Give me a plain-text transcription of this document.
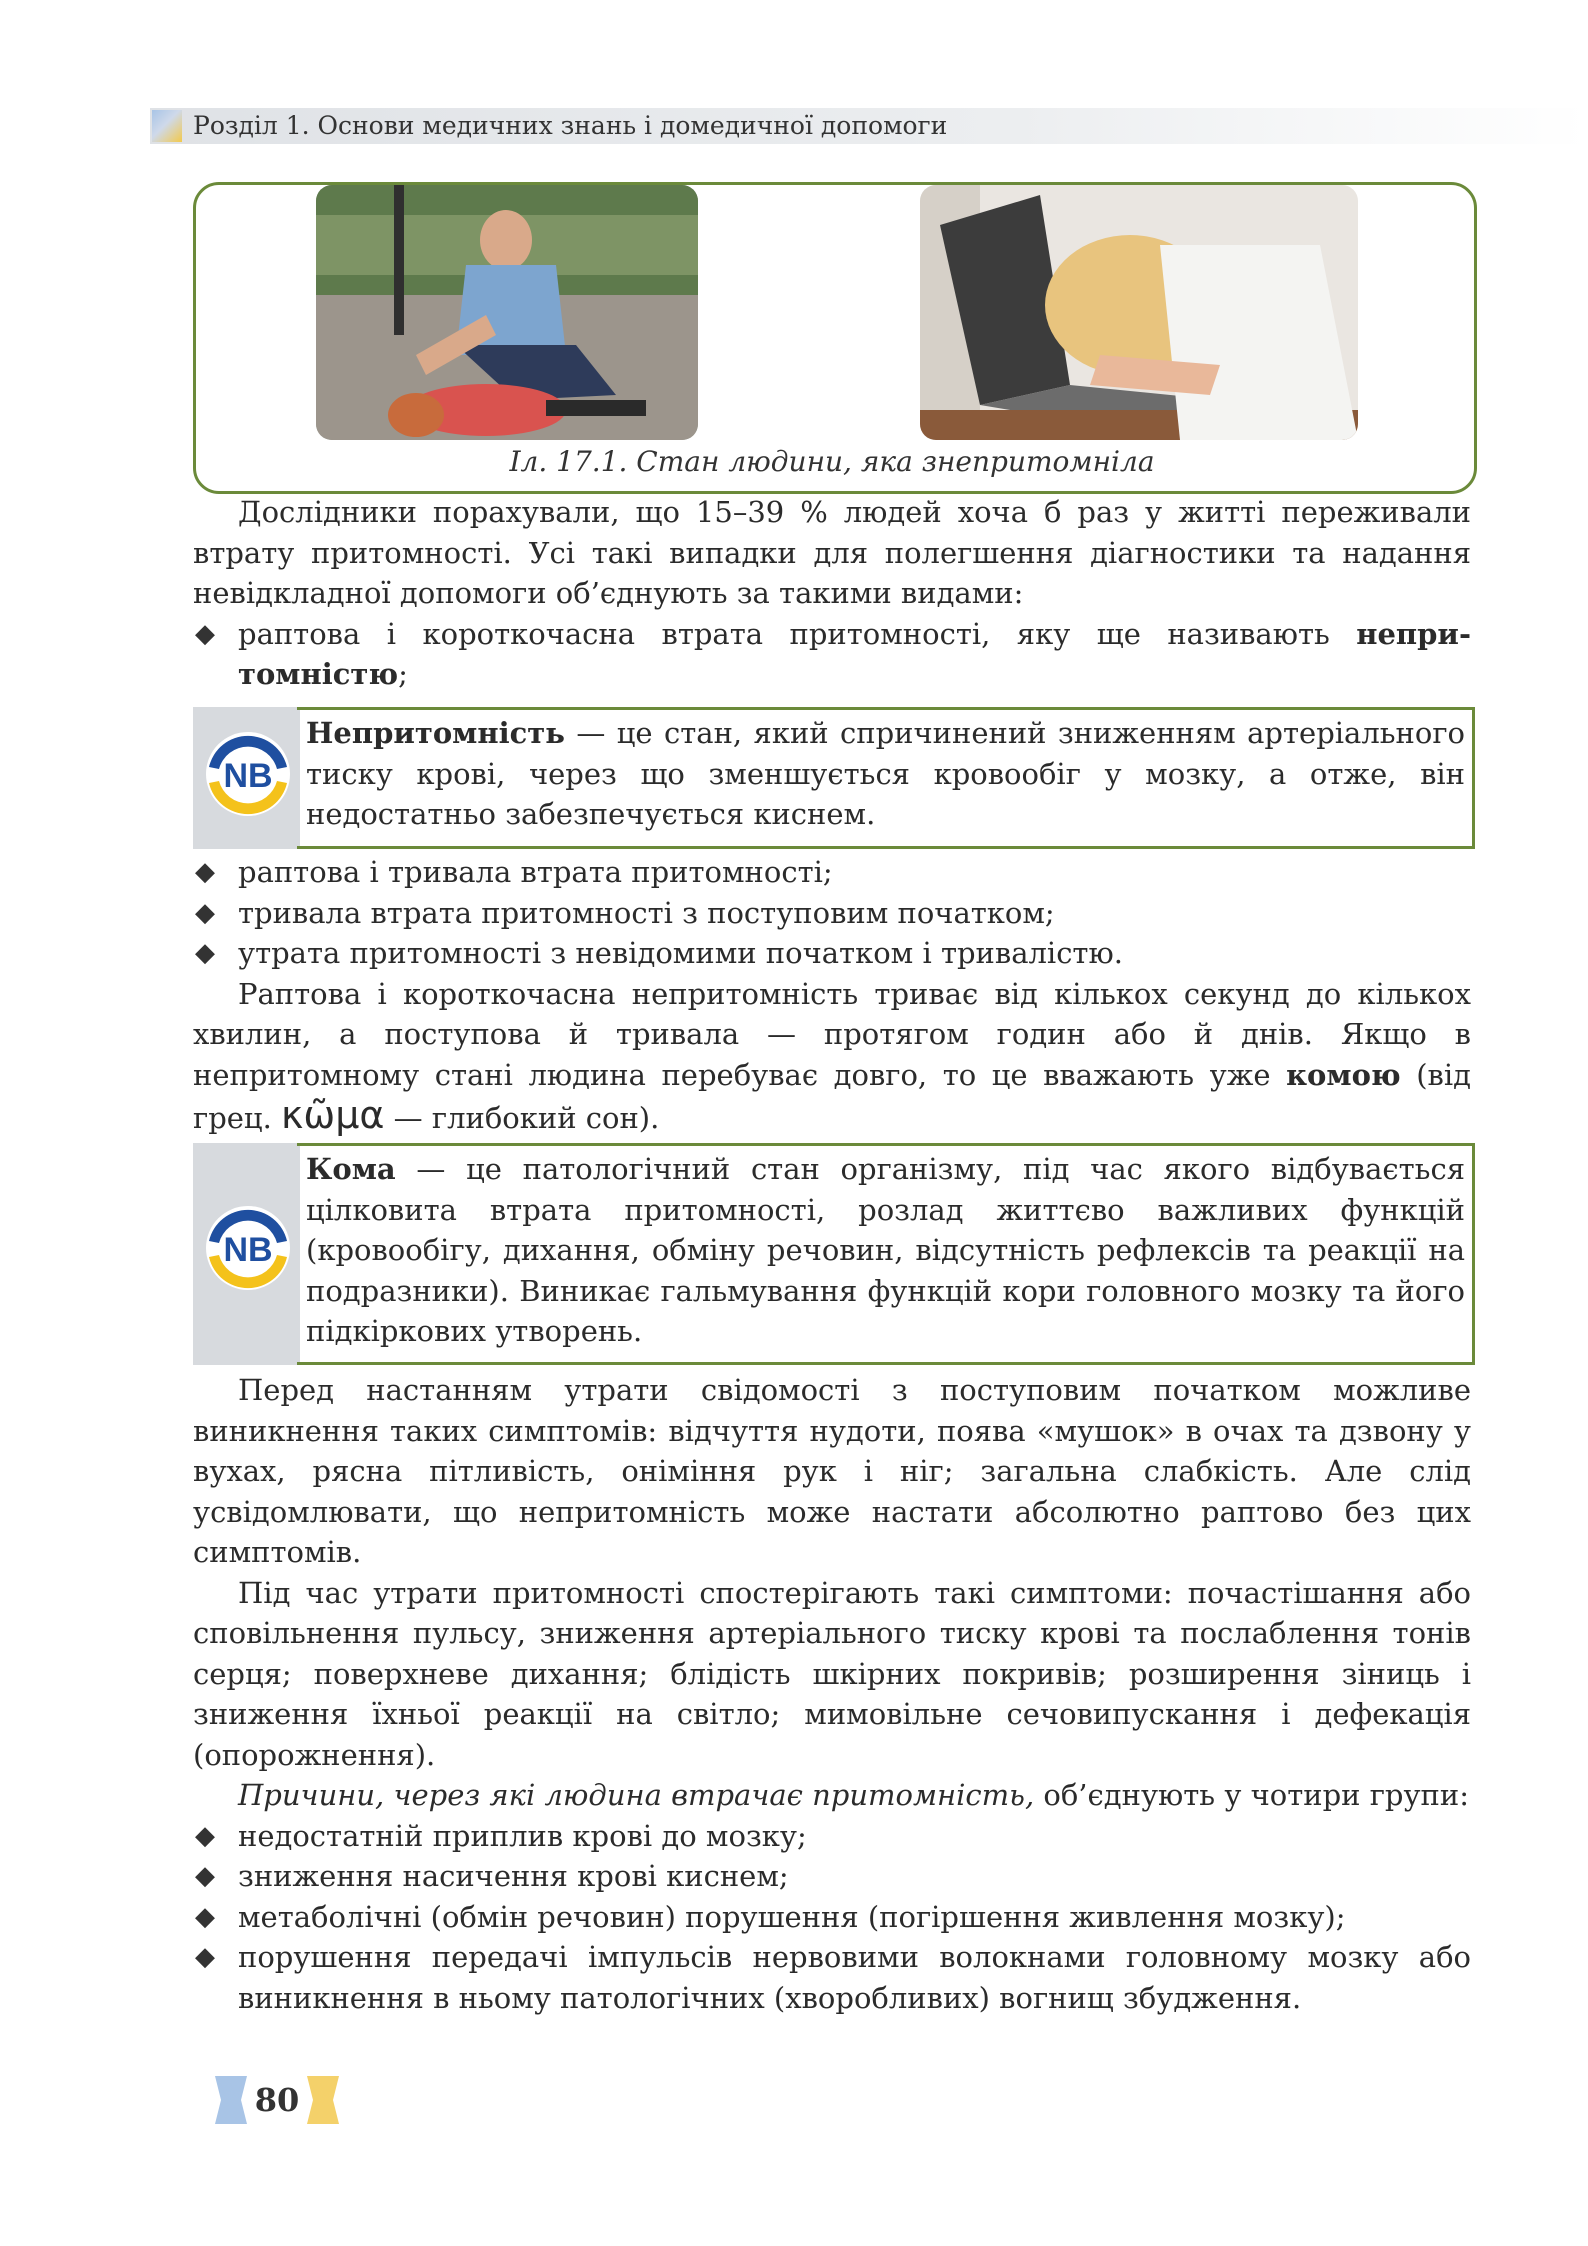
Розділ 1. Основи медичних знань і домедичної допомоги
Іл. 17.1. Стан людини, яка знепритомніла

Дослідники порахували, що 15–39 % людей хоча б раз у житті переживали втрату притомності. Усі такі випадки для полегшення діагностики та надання невідкладної допомоги об’єднують за такими видами:

◆ раптова і короткочасна втрата притомності, яку ще називають непритомністю;
NB

Непритомність — це стан, який спричинений зниженням артеріального тиску крові, через що зменшується кровообіг у мозку, а отже, він недостатньо забезпечується киснем.

◆ раптова і тривала втрата притомності;
◆ тривала втрата притомності з поступовим початком;
◆ утрата притомності з невідомими початком і тривалістю.

Раптова і короткочасна непритомність триває від кількох секунд до кількох хвилин, а поступова й тривала — протягом годин або й днів. Якщо в непритомному стані людина перебуває довго, то це вважають уже комою (від грец. κῶμα — глибокий сон).

NB

Кома — це патологічний стан організму, під час якого відбувається цілковита втрата притомності, розлад життєво важливих функцій (кровообігу, дихання, обміну речовин, відсутність рефлексів та реакції на подразники). Виникає гальмування функцій кори головного мозку та його підкіркових утворень.

Перед настанням утрати свідомості з поступовим початком можливе виникнення таких симптомів: відчуття нудоти, поява «мушок» в очах та дзвону у вухах, рясна пітливість, оніміння рук і ніг; загальна слабкість. Але слід усвідомлювати, що непритомність може настати абсолютно раптово без цих симптомів.

Під час утрати притомності спостерігають такі симптоми: почастішання або сповільнення пульсу, зниження артеріального тиску крові та послаблення тонів серця; поверхневе дихання; блідість шкірних покривів; розширення зіниць і зниження їхньої реакції на світло; мимовільне сечовипускання і дефекація (опорожнення).

Причини, через які людина втрачає притомність, об’єднують у чотири групи:

◆ недостатній приплив крові до мозку;
◆ зниження насичення крові киснем;
◆ метаболічні (обмін речовин) порушення (погіршення живлення мозку);
◆ порушення передачі імпульсів нервовими волокнами головному мозку або виникнення в ньому патологічних (хворобливих) вогнищ збудження.
80
